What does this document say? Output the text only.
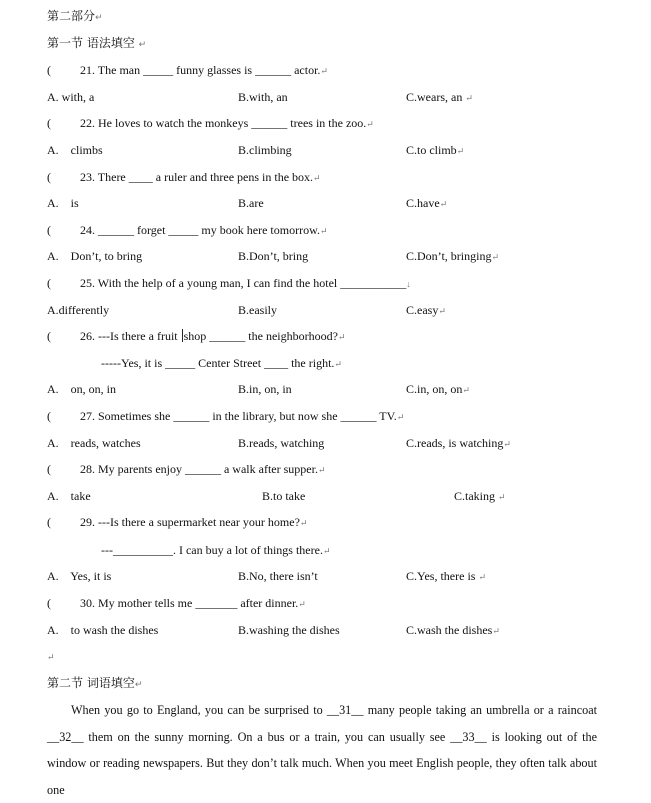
第二部分↵
第一节 语法填空 ↵
( 21. The man _____ funny glasses is ______ actor.↵
A. with, a	B.with, an	C.wears, an ↵
( 22. He loves to watch the monkeys ______ trees in the zoo.↵
A.    climbs	B.climbing	C.to climb↵
( 23. There ____ a ruler and three pens in the box.↵
A.    is	B.are	C.have↵
( 24. ______ forget _____ my book here tomorrow.↵
A.    Don’t, to bring	B.Don’t, bring	C.Don’t, bringing↵
( 25. With the help of a young man, I can find the hotel ___________↓
A.differently	B.easily	C.easy↵
( 26. ---Is there a fruit shop ______ the neighborhood?↵
-----Yes, it is _____ Center Street ____ the right.↵
A.    on, on, in	B.in, on, in	C.in, on, on↵
( 27. Sometimes she ______ in the library, but now she ______ TV.↵
A.    reads, watches	B.reads, watching	C.reads, is watching↵
( 28. My parents enjoy ______ a walk after supper.↵
A.    take	B.to take	C.taking ↵
( 29. ---Is there a supermarket near your home?↵
---__________. I can buy a lot of things there.↵
A.    Yes, it is	B.No, there isn’t	C.Yes, there is ↵
( 30. My mother tells me _______ after dinner.↵
A.    to wash the dishes	B.washing the dishes	C.wash the dishes↵
↵
第二节 词语填空↵
When you go to England, you can be surprised to __31__ many people taking an umbrella or a raincoat __32__ them on the sunny morning. On a bus or a train, you can usually see __33__ is looking out of the window or reading newspapers. But they don’t talk much. When you meet English people, they often talk about one
